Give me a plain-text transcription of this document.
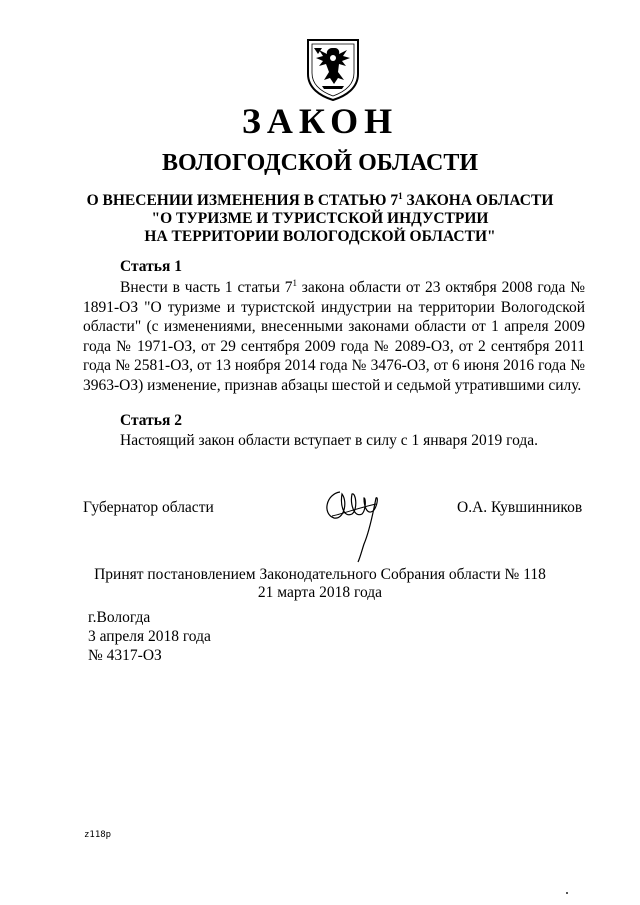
ЗАКОН
ВОЛОГОДСКОЙ ОБЛАСТИ
О ВНЕСЕНИИ ИЗМЕНЕНИЯ В СТАТЬЮ $7^1$ ЗАКОНА ОБЛАСТИ
"О ТУРИЗМЕ И ТУРИСТСКОЙ ИНДУСТРИИ
НА ТЕРРИТОРИИ ВОЛОГОДСКОЙ ОБЛАСТИ"
Статья 1
Внести в часть 1 статьи $7^1$ закона области от 23 октября 2008 года № 1891-ОЗ "О туризме и туристской индустрии на территории Вологодской области" (с изменениями, внесенными законами области от 1 апреля 2009 года № 1971-ОЗ, от 29 сентября 2009 года № 2089-ОЗ, от 2 сентября 2011 года № 2581-ОЗ, от 13 ноября 2014 года № 3476-ОЗ, от 6 июня 2016 года № 3963-ОЗ) изменение, признав абзацы шестой и седьмой утратившими силу.
Статья 2
Настоящий закон области вступает в силу с 1 января 2019 года.
Губернатор области	О.А. Кувшинников
Принят постановлением Законодательного Собрания области № 118
21 марта 2018 года
г.Вологда
3 апреля 2018 года
№ 4317-ОЗ
z118p
